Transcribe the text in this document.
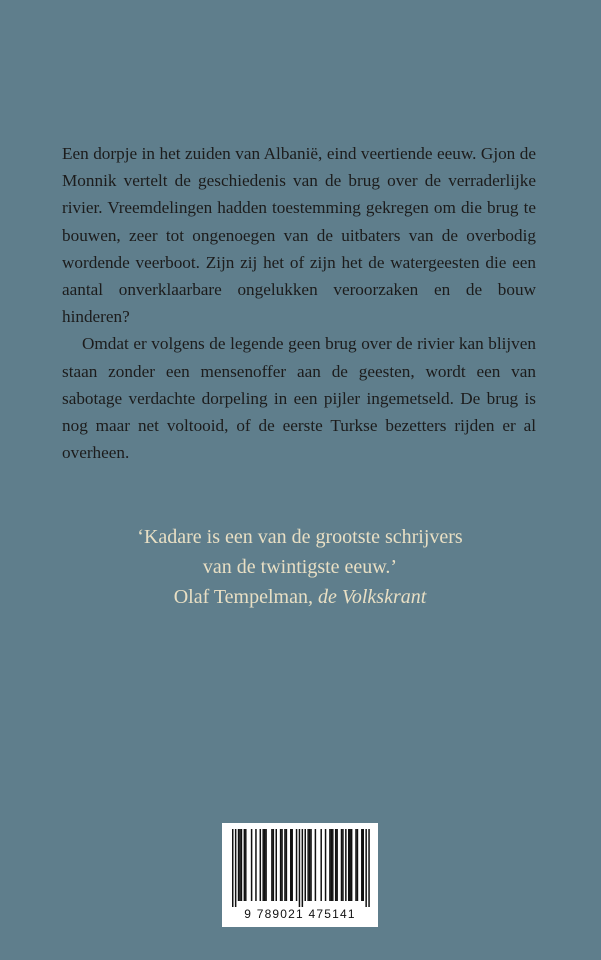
Een dorpje in het zuiden van Albanië, eind veertiende eeuw. Gjon de Monnik vertelt de geschiedenis van de brug over de verraderlijke rivier. Vreemdelingen hadden toestemming gekregen om die brug te bouwen, zeer tot ongenoegen van de uitbaters van de overbodig wordende veerboot. Zijn zij het of zijn het de watergeesten die een aantal onverklaarbare ongelukken veroorzaken en de bouw hinderen?

Omdat er volgens de legende geen brug over de rivier kan blijven staan zonder een mensenoffer aan de geesten, wordt een van sabotage verdachte dorpeling in een pijler ingemetseld. De brug is nog maar net voltooid, of de eerste Turkse bezetters rijden er al overheen.

‘Kadare is een van de grootste schrijvers
van de twintigste eeuw.’
Olaf Tempelman, de Volkskrant
9 789021 475141
